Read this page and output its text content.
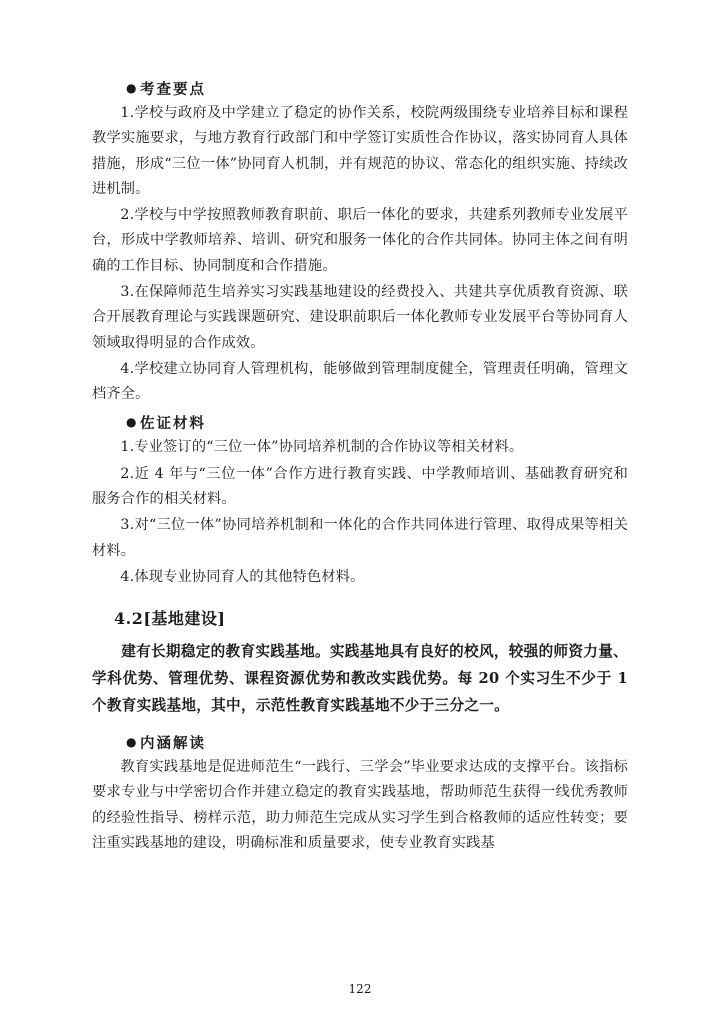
● 考查要点

1.学校与政府及中学建立了稳定的协作关系，校院两级围绕专业培养目标和课程教学实施要求，与地方教育行政部门和中学签订实质性合作协议，落实协同育人具体措施，形成“三位一体”协同育人机制，并有规范的协议、常态化的组织实施、持续改进机制。

2.学校与中学按照教师教育职前、职后一体化的要求，共建系列教师专业发展平台，形成中学教师培养、培训、研究和服务一体化的合作共同体。协同主体之间有明确的工作目标、协同制度和合作措施。

3.在保障师范生培养实习实践基地建设的经费投入、共建共享优质教育资源、联合开展教育理论与实践课题研究、建设职前职后一体化教师专业发展平台等协同育人领域取得明显的合作成效。

4.学校建立协同育人管理机构，能够做到管理制度健全，管理责任明确，管理文档齐全。

● 佐证材料

1.专业签订的“三位一体”协同培养机制的合作协议等相关材料。

2.近 4 年与“三位一体”合作方进行教育实践、中学教师培训、基础教育研究和服务合作的相关材料。

3.对“三位一体”协同培养机制和一体化的合作共同体进行管理、取得成果等相关材料。

4.体现专业协同育人的其他特色材料。

4.2[基地建设]

建有长期稳定的教育实践基地。实践基地具有良好的校风，较强的师资力量、学科优势、管理优势、课程资源优势和教改实践优势。每 20 个实习生不少于 1 个教育实践基地，其中，示范性教育实践基地不少于三分之一。

● 内涵解读

教育实践基地是促进师范生“一践行、三学会”毕业要求达成的支撑平台。该指标要求专业与中学密切合作并建立稳定的教育实践基地，帮助师范生获得一线优秀教师的经验性指导、榜样示范，助力师范生完成从实习学生到合格教师的适应性转变；要注重实践基地的建设，明确标准和质量要求，使专业教育实践基

122
